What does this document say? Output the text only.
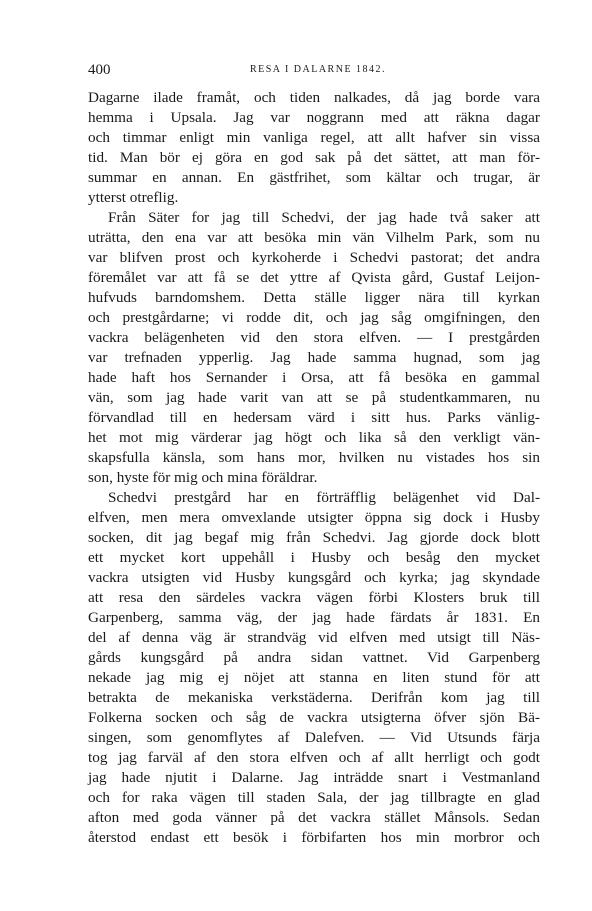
400	RESA I DALARNE 1842.
Dagarne ilade framåt, och tiden nalkades, då jag borde vara
hemma i Upsala. Jag var noggrann med att räkna dagar
och timmar enligt min vanliga regel, att allt hafver sin vissa
tid. Man bör ej göra en god sak på det sättet, att man för-
summar en annan. En gästfrihet, som kältar och trugar, är
ytterst otreflig.
Från Säter for jag till Schedvi, der jag hade två saker att
uträtta, den ena var att besöka min vän Vilhelm Park, som nu
var blifven prost och kyrkoherde i Schedvi pastorat; det andra
föremålet var att få se det yttre af Qvista gård, Gustaf Leijon-
hufvuds barndomshem. Detta ställe ligger nära till kyrkan
och prestgårdarne; vi rodde dit, och jag såg omgifningen, den
vackra belägenheten vid den stora elfven. — I prestgården
var trefnaden ypperlig. Jag hade samma hugnad, som jag
hade haft hos Sernander i Orsa, att få besöka en gammal
vän, som jag hade varit van att se på studentkammaren, nu
förvandlad till en hedersam värd i sitt hus. Parks vänlig-
het mot mig värderar jag högt och lika så den verkligt vän-
skapsfulla känsla, som hans mor, hvilken nu vistades hos sin
son, hyste för mig och mina föräldrar.
Schedvi prestgård har en förträfflig belägenhet vid Dal-
elfven, men mera omvexlande utsigter öppna sig dock i Husby
socken, dit jag begaf mig från Schedvi. Jag gjorde dock blott
ett mycket kort uppehåll i Husby och besåg den mycket
vackra utsigten vid Husby kungsgård och kyrka; jag skyndade
att resa den särdeles vackra vägen förbi Klosters bruk till
Garpenberg, samma väg, der jag hade färdats år 1831. En
del af denna väg är strandväg vid elfven med utsigt till Näs-
gårds kungsgård på andra sidan vattnet. Vid Garpenberg
nekade jag mig ej nöjet att stanna en liten stund för att
betrakta de mekaniska verkstäderna. Derifrån kom jag till
Folkerna socken och såg de vackra utsigterna öfver sjön Bä-
singen, som genomflytes af Dalefven. — Vid Utsunds färja
tog jag farväl af den stora elfven och af allt herrligt och godt
jag hade njutit i Dalarne. Jag inträdde snart i Vestmanland
och for raka vägen till staden Sala, der jag tillbragte en glad
afton med goda vänner på det vackra stället Månsols. Sedan
återstod endast ett besök i förbifarten hos min morbror och
